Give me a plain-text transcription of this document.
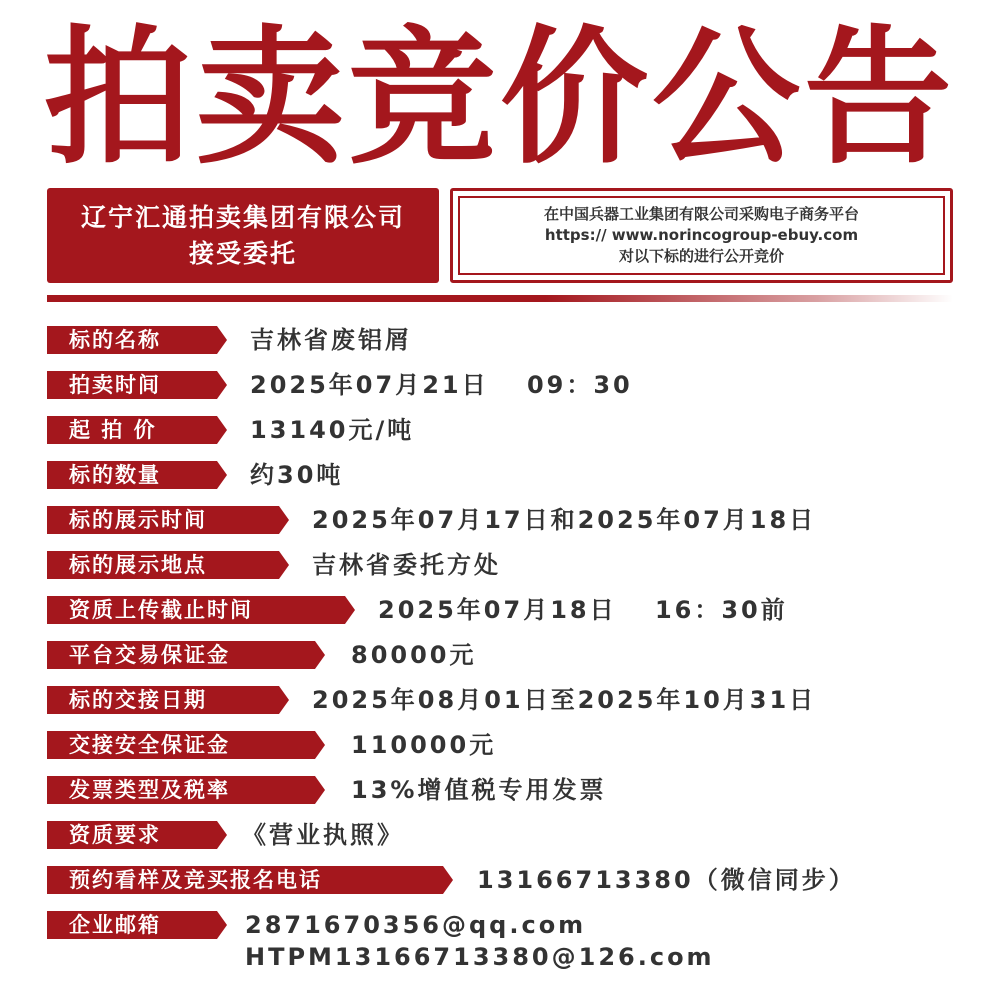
拍卖竞价公告
辽宁汇通拍卖集团有限公司
接受委托
在中国兵器工业集团有限公司采购电子商务平台
https:// www.norincogroup-ebuy.com
对以下标的进行公开竞价
标的名称	吉林省废铝屑
拍卖时间	2025年07月21日　 09：30
起 拍 价	13140元/吨
标的数量	约30吨
标的展示时间	2025年07月17日和2025年07月18日
标的展示地点	吉林省委托方处
资质上传截止时间	2025年07月18日　 16：30前
平台交易保证金	80000元
标的交接日期	2025年08月01日至2025年10月31日
交接安全保证金	110000元
发票类型及税率	13%增值税专用发票
资质要求	《营业执照》
预约看样及竞买报名电话	13166713380（微信同步）
企业邮箱	2871670356@qq.com
HTPM13166713380@126.com
